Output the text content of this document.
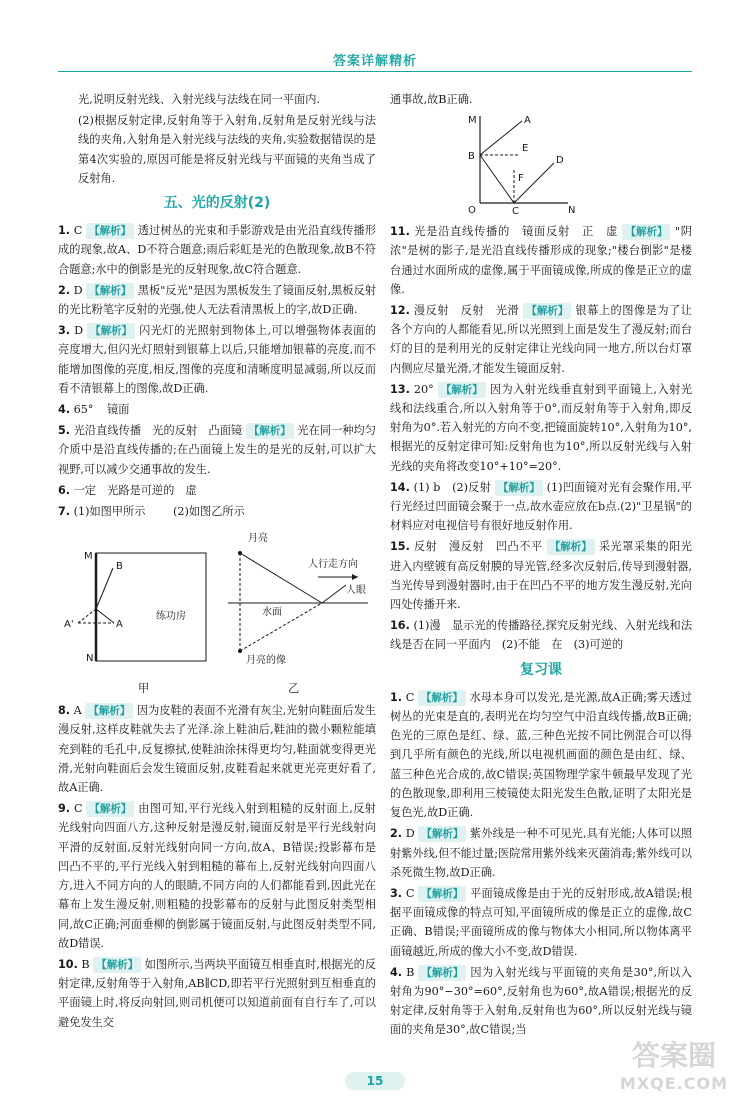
答案详解精析

光,说明反射光线、入射光线与法线在同一平面内.

(2)根据反射定律,反射角等于入射角,反射角是反射光线与法线的夹角,入射角是入射光线与法线的夹角,实验数据错误的是第4次实验的,原因可能是将反射光线与平面镜的夹角当成了反射角.

五、光的反射(2)

1. C 【解析】 透过树丛的光束和手影游戏是由光沿直线传播形成的现象,故A、D不符合题意;雨后彩虹是光的色散现象,故B不符合题意;水中的倒影是光的反射现象,故C符合题意.

2. D 【解析】 黑板"反光"是因为黑板发生了镜面反射,黑板反射的光比粉笔字反射的光强,使人无法看清黑板上的字,故D正确.

3. D 【解析】 闪光灯的光照射到物体上,可以增强物体表面的亮度增大,但闪光灯照射到银幕上以后,只能增加银幕的亮度,而不能增加图像的亮度,相反,图像的亮度和清晰度明显减弱,所以反而看不清银幕上的图像,故D正确.

4. 65° 镜面

5. 光沿直线传播　光的反射　凸面镜 【解析】 光在同一种均匀介质中是沿直线传播的;在凸面镜上发生的是光的反射,可以扩大视野,可以减少交通事故的发生.

6. 一定　光路是可逆的　虚

7. (1)如图甲所示 (2)如图乙所示

M
B
A'	A
N
练功房
月亮
人行走方向
人眼
水面
月亮的像
甲	乙

8. A 【解析】 因为皮鞋的表面不光滑有灰尘,光射向鞋面后发生漫反射,这样皮鞋就失去了光泽.涂上鞋油后,鞋油的微小颗粒能填充到鞋的毛孔中,反复擦拭,使鞋油涂抹得更均匀,鞋面就变得更光滑,光射向鞋面后会发生镜面反射,皮鞋看起来就更光亮更好看了,故A正确.

9. C 【解析】 由图可知,平行光线入射到粗糙的反射面上,反射光线射向四面八方,这种反射是漫反射,镜面反射是平行光线射向平滑的反射面,反射光线射向同一方向,故A、B错误;投影幕布是凹凸不平的,平行光线入射到粗糙的幕布上,反射光线射向四面八方,进入不同方向的人的眼睛,不同方向的人们都能看到,因此光在幕布上发生漫反射,则粗糙的投影幕布的反射与此图反射类型相同,故C正确;河面垂柳的倒影属于镜面反射,与此图反射类型不同,故D错误.

10. B 【解析】 如图所示,当两块平面镜互相垂直时,根据光的反射定律,反射角等于入射角,AB∥CD,即若平行光照射到互相垂直的平面镜上时,将反向射回,则司机便可以知道前面有自行车了,可以避免发生交

通事故,故B正确.

M	A
B
E
C
D
F
O	N

11. 光是沿直线传播的　镜面反射　正　虚 【解析】 "阴浓"是树的影子,是光沿直线传播形成的现象;"楼台倒影"是楼台通过水面所成的虚像,属于平面镜成像,所成的像是正立的虚像.

12. 漫反射　反射　光滑 【解析】 银幕上的图像是为了让各个方向的人都能看见,所以光照到上面是发生了漫反射;而台灯的目的是利用光的反射定律让光线向同一地方,所以台灯罩内侧应尽量光滑,才能发生镜面反射.

13. 20° 【解析】 因为入射光线垂直射到平面镜上,入射光线和法线重合,所以入射角等于0°,而反射角等于入射角,即反射角为0°.若入射光的方向不变,把镜面旋转10°,入射角为10°,根据光的反射定律可知:反射角也为10°,所以反射光线与入射光线的夹角将改变10°+10°=20°.

14. (1) b　(2)反射 【解析】 (1)凹面镜对光有会聚作用,平行光经过凹面镜会聚于一点,故水壶应放在b点.(2)"卫星锅"的材料应对电视信号有很好地反射作用.

15. 反射　漫反射　凹凸不平 【解析】 采光罩采集的阳光进入内壁镀有高反射膜的导光管,经多次反射后,传导到漫射器,当光传导到漫射器时,由于在凹凸不平的地方发生漫反射,光向四处传播开来.

16. (1)漫　显示光的传播路径,探究反射光线、入射光线和法线是否在同一平面内　(2)不能　在　(3)可逆的

复习课

1. C 【解析】 水母本身可以发光,是光源,故A正确;雾天透过树丛的光束是直的,表明光在均匀空气中沿直线传播,故B正确;色光的三原色是红、绿、蓝,三种色光按不同比例混合可以得到几乎所有颜色的光线,所以电视机画面的颜色是由红、绿、蓝三种色光合成的,故C错误;英国物理学家牛顿最早发现了光的色散现象,即利用三棱镜使太阳光发生色散,证明了太阳光是复色光,故D正确.

2. D 【解析】 紫外线是一种不可见光,具有光能;人体可以照射紫外线,但不能过量;医院常用紫外线来灭菌消毒;紫外线可以杀死微生物,故D正确.

3. C 【解析】 平面镜成像是由于光的反射形成,故A错误;根据平面镜成像的特点可知,平面镜所成的像是正立的虚像,故C正确、B错误;平面镜所成的像与物体大小相同,所以物体离平面镜越近,所成的像大小不变,故D错误.

4. B 【解析】 因为入射光线与平面镜的夹角是30°,所以入射角为90°−30°=60°,反射角也为60°,故A错误;根据光的反射定律,反射角等于入射角,反射角也为60°,所以反射光线与镜面的夹角是30°,故C错误;当

15
答案圈
MXQE.COM
